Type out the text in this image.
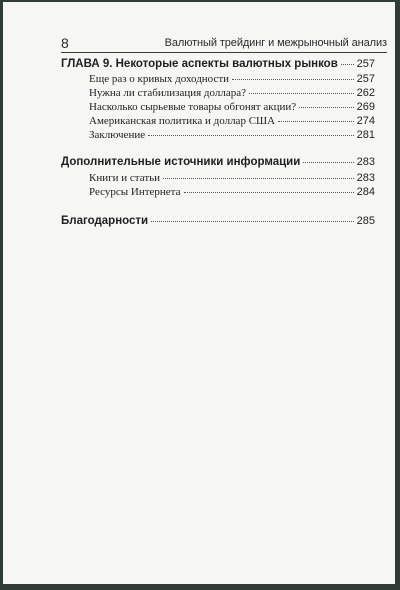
8	Валютный трейдинг и межрыночный анализ
ГЛАВА 9. Некоторые аспекты валютных рынков 257
Еще раз о кривых доходности	257
Нужна ли стабилизация доллара?	262
Насколько сырьевые товары обгонят акции?	269
Американская политика и доллар США	274
Заключение	281
Дополнительные источники информации	283
Книги и статьи	283
Ресурсы Интернета	284
Благодарности	285
